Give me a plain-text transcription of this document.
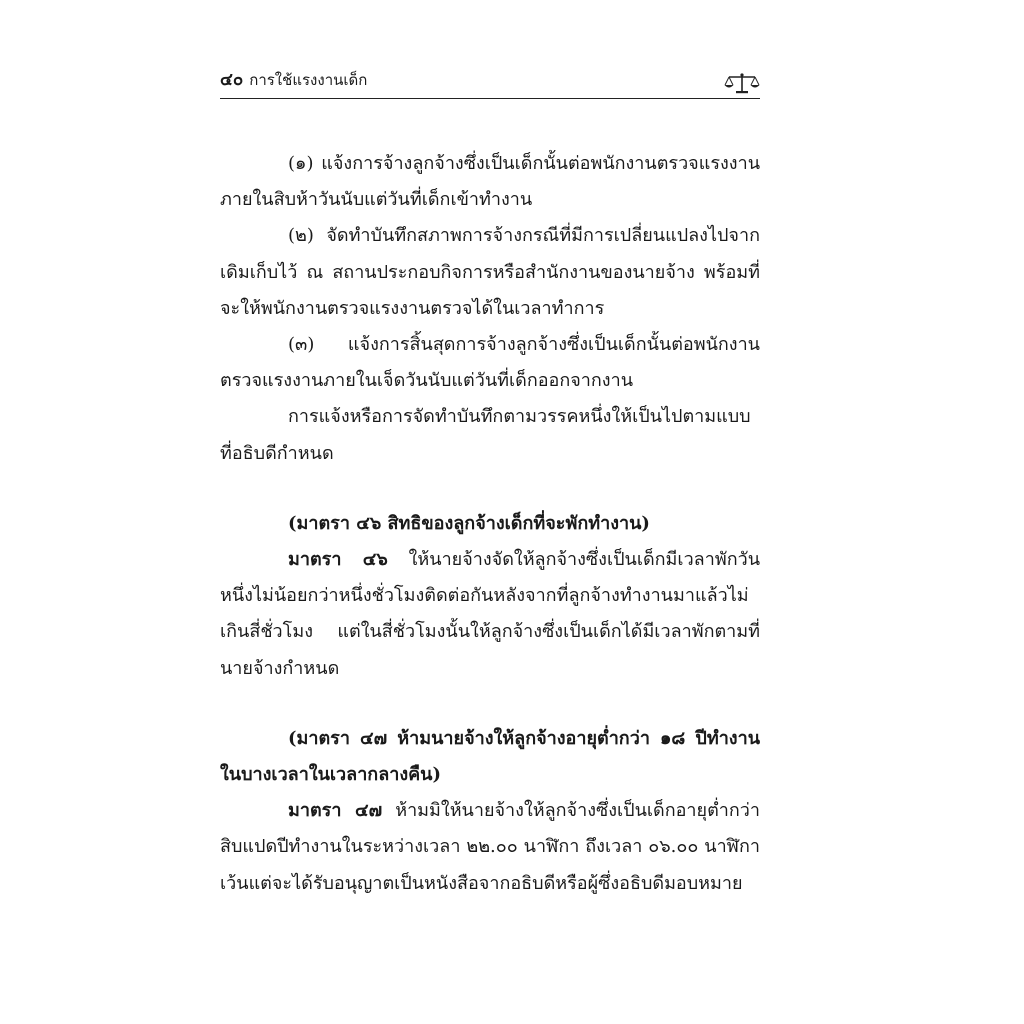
๔๐ การใช้แรงงานเด็ก

(๑) แจ้งการจ้างลูกจ้างซึ่งเป็นเด็กนั้นต่อพนักงานตรวจแรงงานภายในสิบห้าวันนับแต่วันที่เด็กเข้าทำงาน

(๒) จัดทำบันทึกสภาพการจ้างกรณีที่มีการเปลี่ยนแปลงไปจากเดิมเก็บไว้ ณ สถานประกอบกิจการหรือสำนักงานของนายจ้าง พร้อมที่จะให้พนักงานตรวจแรงงานตรวจได้ในเวลาทำการ

(๓) แจ้งการสิ้นสุดการจ้างลูกจ้างซึ่งเป็นเด็กนั้นต่อพนักงานตรวจแรงงานภายในเจ็ดวันนับแต่วันที่เด็กออกจากงาน

การแจ้งหรือการจัดทำบันทึกตามวรรคหนึ่งให้เป็นไปตามแบบที่อธิบดีกำหนด

(มาตรา ๔๖ สิทธิของลูกจ้างเด็กที่จะพักทำงาน)

มาตรา ๔๖ ให้นายจ้างจัดให้ลูกจ้างซึ่งเป็นเด็กมีเวลาพักวันหนึ่งไม่น้อยกว่าหนึ่งชั่วโมงติดต่อกันหลังจากที่ลูกจ้างทำงานมาแล้วไม่เกินสี่ชั่วโมง แต่ในสี่ชั่วโมงนั้นให้ลูกจ้างซึ่งเป็นเด็กได้มีเวลาพักตามที่นายจ้างกำหนด

(มาตรา ๔๗ ห้ามนายจ้างให้ลูกจ้างอายุต่ำกว่า ๑๘ ปีทำงานในบางเวลาในเวลากลางคืน)

มาตรา ๔๗ ห้ามมิให้นายจ้างให้ลูกจ้างซึ่งเป็นเด็กอายุต่ำกว่าสิบแปดปีทำงานในระหว่างเวลา ๒๒.๐๐ นาฬิกา ถึงเวลา ๐๖.๐๐ นาฬิกา เว้นแต่จะได้รับอนุญาตเป็นหนังสือจากอธิบดีหรือผู้ซึ่งอธิบดีมอบหมาย
